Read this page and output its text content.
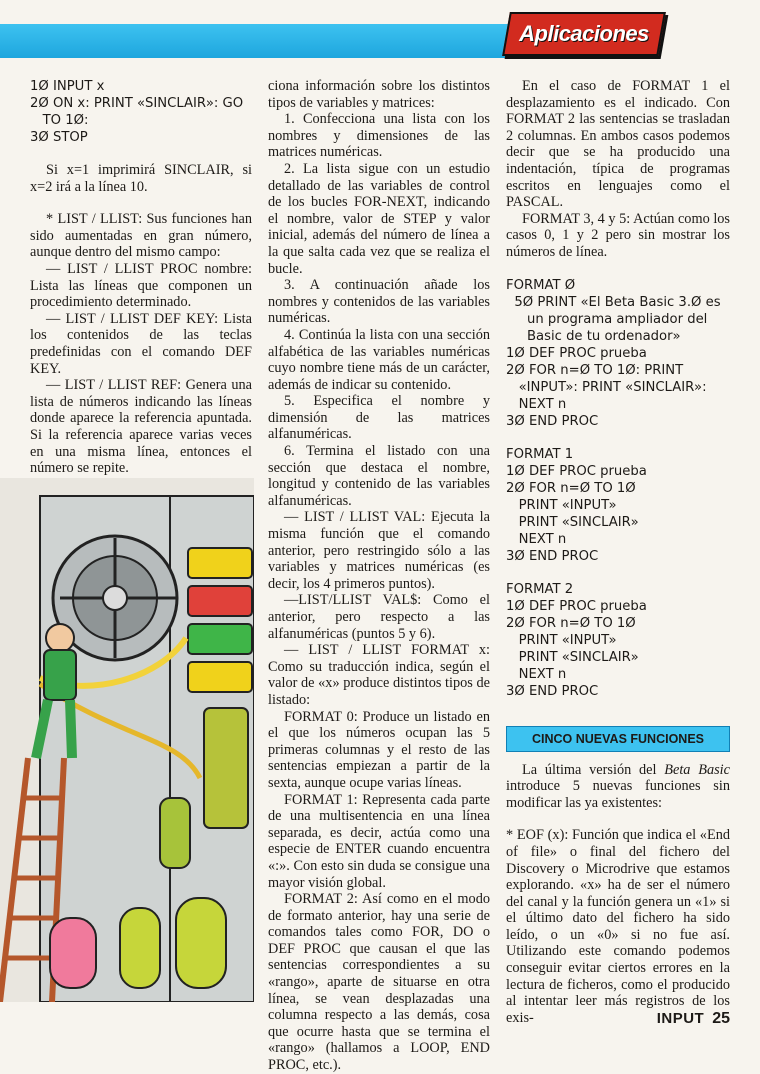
Aplicaciones
1Ø INPUT x
2Ø ON x: PRINT «SINCLAIR»: GO
TO 1Ø:
3Ø STOP

Si x=1 imprimirá SINCLAIR, si x=2 irá a la línea 10.

* LIST / LLIST: Sus funciones han sido aumentadas en gran número, aunque dentro del mismo campo:

— LIST / LLIST PROC nombre: Lista las líneas que componen un procedimiento determinado.

— LIST / LLIST DEF KEY: Lista los contenidos de las teclas predefinidas con el comando DEF KEY.

— LIST / LLIST REF: Genera una lista de números indicando las líneas donde aparece la referencia apuntada. Si la referencia aparece varias veces en una misma línea, entonces el número se repite.

ciona información sobre los distintos tipos de variables y matrices:

1. Confecciona una lista con los nombres y dimensiones de las matrices numéricas.

2. La lista sigue con un estudio detallado de las variables de control de los bucles FOR-NEXT, indicando el nombre, valor de STEP y valor inicial, además del número de línea a la que salta cada vez que se realiza el bucle.

3. A continuación añade los nombres y contenidos de las variables numéricas.

4. Continúa la lista con una sección alfabética de las variables numéricas cuyo nombre tiene más de un carácter, además de indicar su contenido.

5. Especifica el nombre y dimensión de las matrices alfanuméricas.

6. Termina el listado con una sección que destaca el nombre, longitud y contenido de las variables alfanuméricas.

— LIST / LLIST VAL: Ejecuta la misma función que el comando anterior, pero restringido sólo a las variables y matrices numéricas (es decir, los 4 primeros puntos).

—LIST/LLIST VAL$: Como el anterior, pero respecto a las alfanuméricas (puntos 5 y 6).

— LIST / LLIST FORMAT x: Como su traducción indica, según el valor de «x» produce distintos tipos de listado:

FORMAT 0: Produce un listado en el que los números ocupan las 5 primeras columnas y el resto de las sentencias empiezan a partir de la sexta, aunque ocupe varias líneas.

FORMAT 1: Representa cada parte de una multisentencia en una línea separada, es decir, actúa como una especie de ENTER cuando encuentra «:». Con esto sin duda se consigue una mayor visión global.

FORMAT 2: Así como en el modo de formato anterior, hay una serie de comandos tales como FOR, DO o DEF PROC que causan el que las sentencias correspondientes a su «rango», aparte de situarse en otra línea, se vean desplazadas una columna respecto a las demás, cosa que ocurre hasta que se termina el «rango» (hallamos a LOOP, END PROC, etc.).

En el caso de FORMAT 1 el desplazamiento es el indicado. Con FORMAT 2 las sentencias se trasladan 2 columnas. En ambos casos podemos decir que se ha producido una indentación, típica de programas escritos en lenguajes como el PASCAL.

FORMAT 3, 4 y 5: Actúan como los casos 0, 1 y 2 pero sin mostrar los números de línea.

FORMAT Ø
5Ø PRINT «El Beta Basic 3.Ø es
un programa ampliador del
Basic de tu ordenador»
1Ø DEF PROC prueba
2Ø FOR n=Ø TO 1Ø: PRINT
«INPUT»: PRINT «SINCLAIR»:
NEXT n
3Ø END PROC
FORMAT 1
1Ø DEF PROC prueba
2Ø FOR n=Ø TO 1Ø
PRINT «INPUT»
PRINT «SINCLAIR»
NEXT n
3Ø END PROC
FORMAT 2
1Ø DEF PROC prueba
2Ø FOR n=Ø TO 1Ø
PRINT «INPUT»
PRINT «SINCLAIR»
NEXT n
3Ø END PROC
CINCO NUEVAS FUNCIONES

La última versión del Beta Basic introduce 5 nuevas funciones sin modificar las ya existentes:

* EOF (x): Función que indica el «End of file» o final del fichero del Discovery o Microdrive que estamos explorando. «x» ha de ser el número del canal y la función genera un «1» si el último dato del fichero ha sido leído, o un «0» si no fue así. Utilizando este comando podemos conseguir evitar ciertos errores en la lectura de ficheros, como el producido al intentar leer más registros de los exis-	INPUT 25
